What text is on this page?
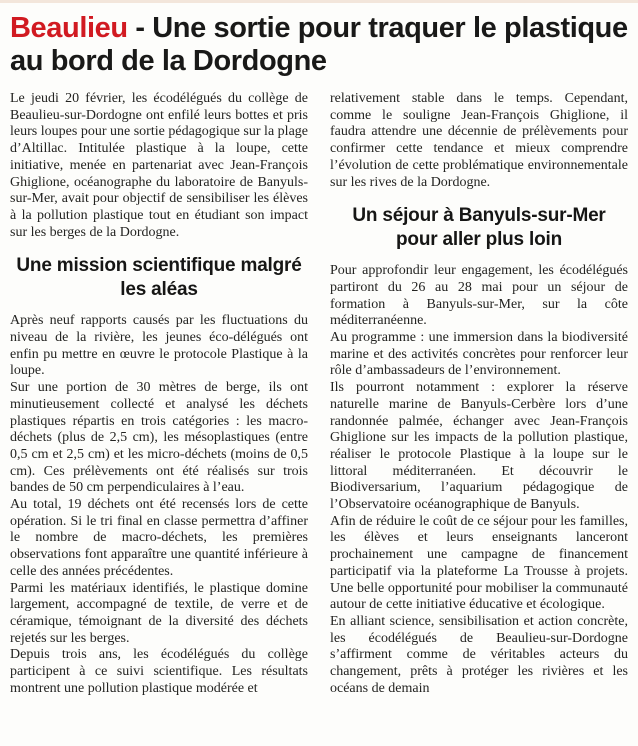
Beaulieu - Une sortie pour traquer le plastique au bord de la Dordogne

Le jeudi 20 février, les écodélégués du collège de Beaulieu-sur-Dordogne ont enfilé leurs bottes et pris leurs loupes pour une sortie pédagogique sur la plage d’Altillac. Intitulée plastique à la loupe, cette initiative, menée en partenariat avec Jean-François Ghiglione, océanographe du laboratoire de Banyuls-sur-Mer, avait pour objectif de sensibiliser les élèves à la pollution plastique tout en étudiant son impact sur les berges de la Dordogne.

Une mission scientifique malgré les aléas

Après neuf rapports causés par les fluctuations du niveau de la rivière, les jeunes éco-délégués ont enfin pu mettre en œuvre le protocole Plastique à la loupe.

Sur une portion de 30 mètres de berge, ils ont minutieusement collecté et analysé les déchets plastiques répartis en trois catégories : les macro-déchets (plus de 2,5 cm), les mésoplastiques (entre 0,5 cm et 2,5 cm) et les micro-déchets (moins de 0,5 cm). Ces prélèvements ont été réalisés sur trois bandes de 50 cm perpendiculaires à l’eau.

Au total, 19 déchets ont été recensés lors de cette opération. Si le tri final en classe permettra d’affiner le nombre de macro-déchets, les premières observations font apparaître une quantité inférieure à celle des années précédentes.

Parmi les matériaux identifiés, le plastique domine largement, accompagné de textile, de verre et de céramique, témoignant de la diversité des déchets rejetés sur les berges.

Depuis trois ans, les écodélégués du collège participent à ce suivi scientifique. Les résultats montrent une pollution plastique modérée et

relativement stable dans le temps. Cependant, comme le souligne Jean-François Ghiglione, il faudra attendre une décennie de prélèvements pour confirmer cette tendance et mieux comprendre l’évolution de cette problématique environnementale sur les rives de la Dordogne.

Un séjour à Banyuls-sur-Mer pour aller plus loin

Pour approfondir leur engagement, les écodélégués partiront du 26 au 28 mai pour un séjour de formation à Banyuls-sur-Mer, sur la côte méditerranéenne.

Au programme : une immersion dans la biodiversité marine et des activités concrètes pour renforcer leur rôle d’ambassadeurs de l’environnement.

Ils pourront notamment : explorer la réserve naturelle marine de Banyuls-Cerbère lors d’une randonnée palmée, échanger avec Jean-François Ghiglione sur les impacts de la pollution plastique, réaliser le protocole Plastique à la loupe sur le littoral méditerranéen. Et découvrir le Biodiversarium, l’aquarium pédagogique de l’Observatoire océanographique de Banyuls.

Afin de réduire le coût de ce séjour pour les familles, les élèves et leurs enseignants lanceront prochainement une campagne de financement participatif via la plateforme La Trousse à projets. Une belle opportunité pour mobiliser la communauté autour de cette initiative éducative et écologique.

En alliant science, sensibilisation et action concrète, les écodélégués de Beaulieu-sur-Dordogne s’affirment comme de véritables acteurs du changement, prêts à protéger les rivières et les océans de demain
